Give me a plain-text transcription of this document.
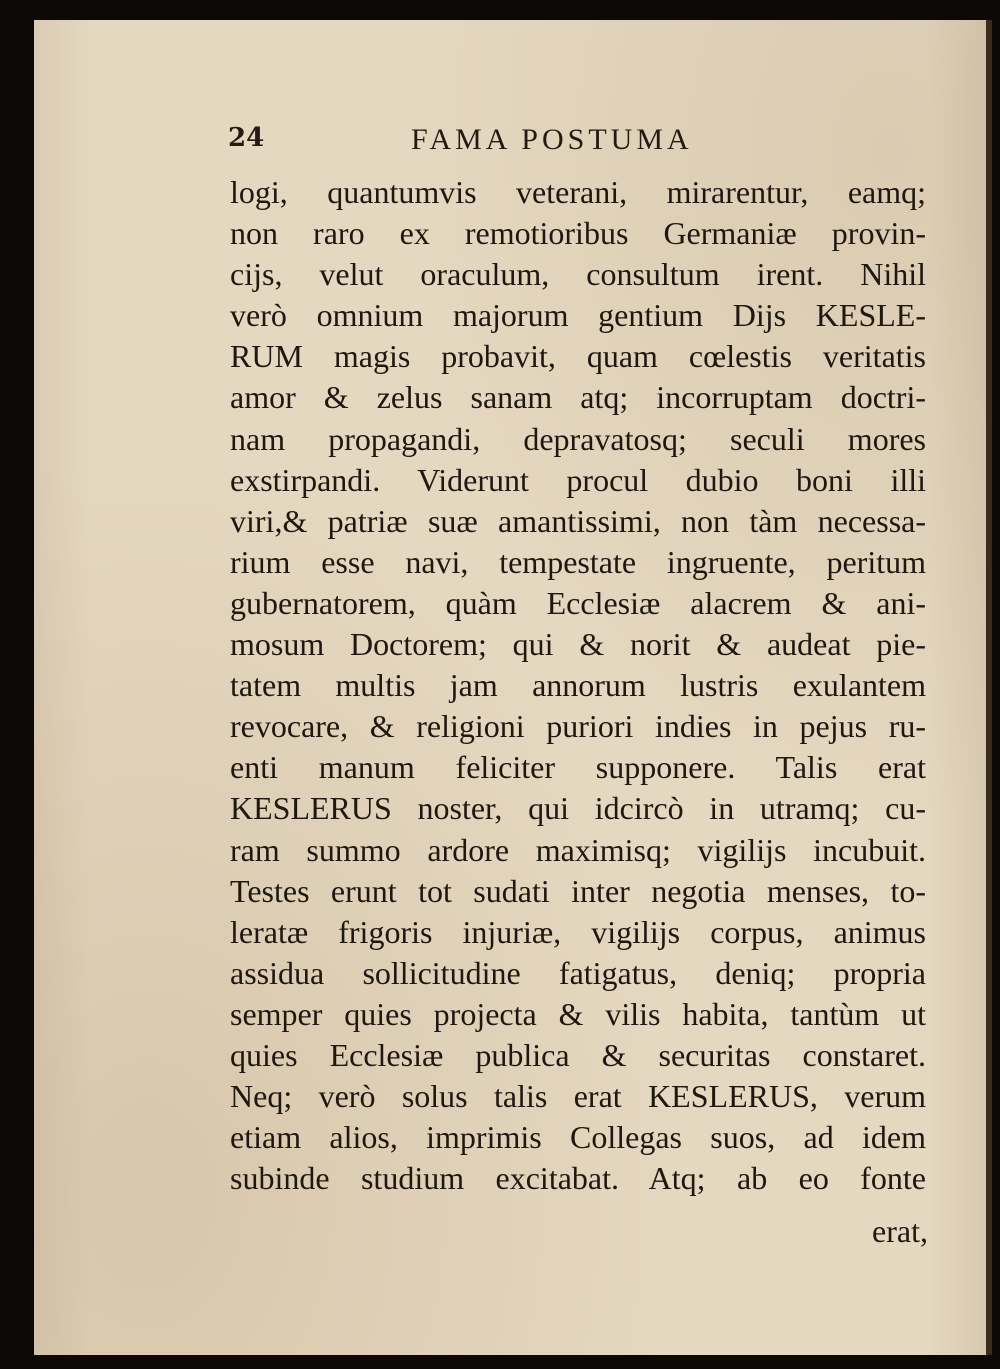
24	FAMA POSTUMA
logi, quantumvis veterani, mirarentur, eamq;
non raro ex remotioribus Germaniæ provin-
cijs, velut oraculum, consultum irent. Nihil
verò omnium majorum gentium Dijs KESLE-
RUM magis probavit, quam cœlestis veritatis
amor & zelus sanam atq; incorruptam doctri-
nam propagandi, depravatosq; seculi mores
exstirpandi. Viderunt procul dubio boni illi
viri,& patriæ suæ amantissimi, non tàm necessa-
rium esse navi, tempestate ingruente, peritum
gubernatorem, quàm Ecclesiæ alacrem & ani-
mosum Doctorem; qui & norit & audeat pie-
tatem multis jam annorum lustris exulantem
revocare, & religioni puriori indies in pejus ru-
enti manum feliciter supponere. Talis erat
KESLERUS noster, qui idcircò in utramq; cu-
ram summo ardore maximisq; vigilijs incubuit.
Testes erunt tot sudati inter negotia menses, to-
leratæ frigoris injuriæ, vigilijs corpus, animus
assidua sollicitudine fatigatus, deniq; propria
semper quies projecta & vilis habita, tantùm ut
quies Ecclesiæ publica & securitas constaret.
Neq; verò solus talis erat KESLERUS, verum
etiam alios, imprimis Collegas suos, ad idem
subinde studium excitabat. Atq; ab eo fonte
erat,
